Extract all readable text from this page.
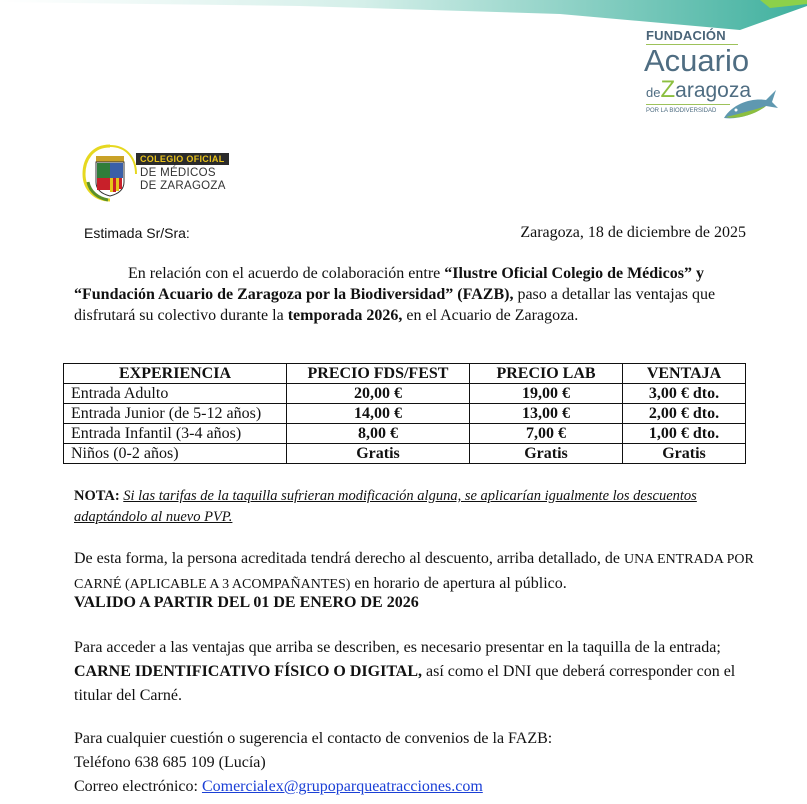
FUNDACIÓN
Acuario
deZaragoza
POR LA BIODIVERSIDAD
COLEGIO OFICIAL
DE MÉDICOS
DE ZARAGOZA
Estimada Sr/Sra:	Zaragoza, 18 de diciembre de 2025
En relación con el acuerdo de colaboración entre “Ilustre Oficial Colegio de Médicos” y “Fundación Acuario de Zaragoza por la Biodiversidad” (FAZB), paso a detallar las ventajas que disfrutará su colectivo durante la temporada 2026, en el Acuario de Zaragoza.
EXPERIENCIA	PRECIO FDS/FEST	PRECIO LAB	VENTAJA
Entrada Adulto	20,00 €	19,00 €	3,00 € dto.
Entrada Junior (de 5-12 años)	14,00 €	13,00 €	2,00 € dto.
Entrada Infantil (3-4 años)	8,00 €	7,00 €	1,00 € dto.
Niños (0-2 años)	Gratis	Gratis	Gratis
NOTA: Si las tarifas de la taquilla sufrieran modificación alguna, se aplicarían igualmente los descuentos adaptándolo al nuevo PVP.
De esta forma, la persona acreditada tendrá derecho al descuento, arriba detallado, de UNA ENTRADA POR CARNÉ (APLICABLE A 3 ACOMPAÑANTES) en horario de apertura al público.
VALIDO A PARTIR DEL 01 DE ENERO DE 2026
Para acceder a las ventajas que arriba se describen, es necesario presentar en la taquilla de la entrada; CARNE IDENTIFICATIVO FÍSICO O DIGITAL, así como el DNI que deberá corresponder con el titular del Carné.
Para cualquier cuestión o sugerencia el contacto de convenios de la FAZB:
Teléfono 638 685 109 (Lucía)
Correo electrónico: Comercialex@grupoparqueatracciones.com
